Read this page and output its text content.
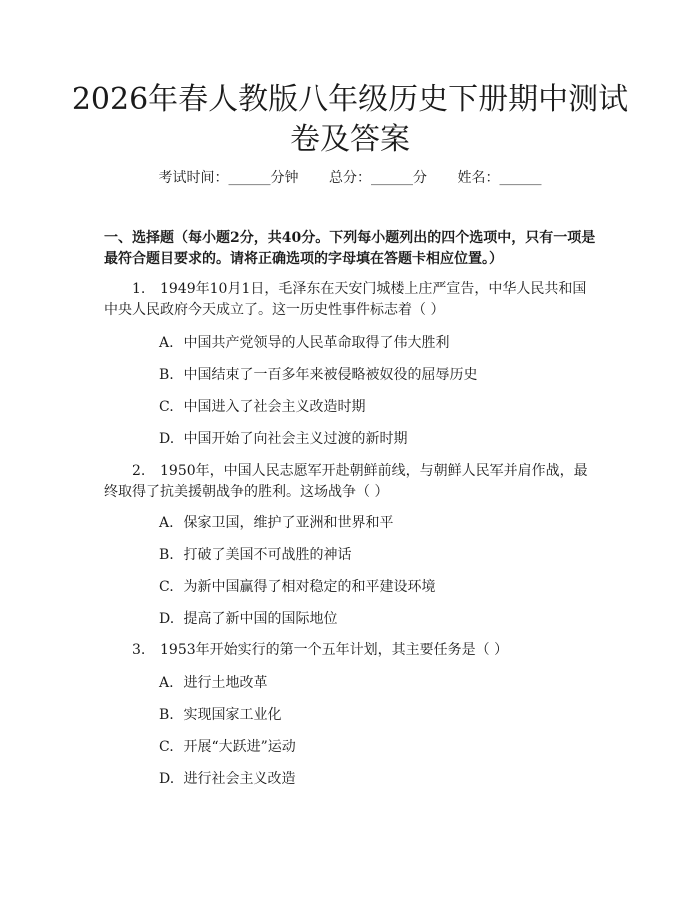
2026年春人教版八年级历史下册期中测试卷及答案
考试时间：______分钟 总分：______分 姓名：______

一、选择题（每小题2分，共40分。下列每小题列出的四个选项中，只有一项是最符合题目要求的。请将正确选项的字母填在答题卡相应位置。）

1. 1949年10月1日，毛泽东在天安门城楼上庄严宣告，中华人民共和国中央人民政府今天成立了。这一历史性事件标志着（ ）

A. 中国共产党领导的人民革命取得了伟大胜利

B. 中国结束了一百多年来被侵略被奴役的屈辱历史

C. 中国进入了社会主义改造时期

D. 中国开始了向社会主义过渡的新时期

2. 1950年，中国人民志愿军开赴朝鲜前线，与朝鲜人民军并肩作战，最终取得了抗美援朝战争的胜利。这场战争（ ）

A. 保家卫国，维护了亚洲和世界和平

B. 打破了美国不可战胜的神话

C. 为新中国赢得了相对稳定的和平建设环境

D. 提高了新中国的国际地位

3. 1953年开始实行的第一个五年计划，其主要任务是（ ）

A. 进行土地改革

B. 实现国家工业化

C. 开展“大跃进”运动

D. 进行社会主义改造
